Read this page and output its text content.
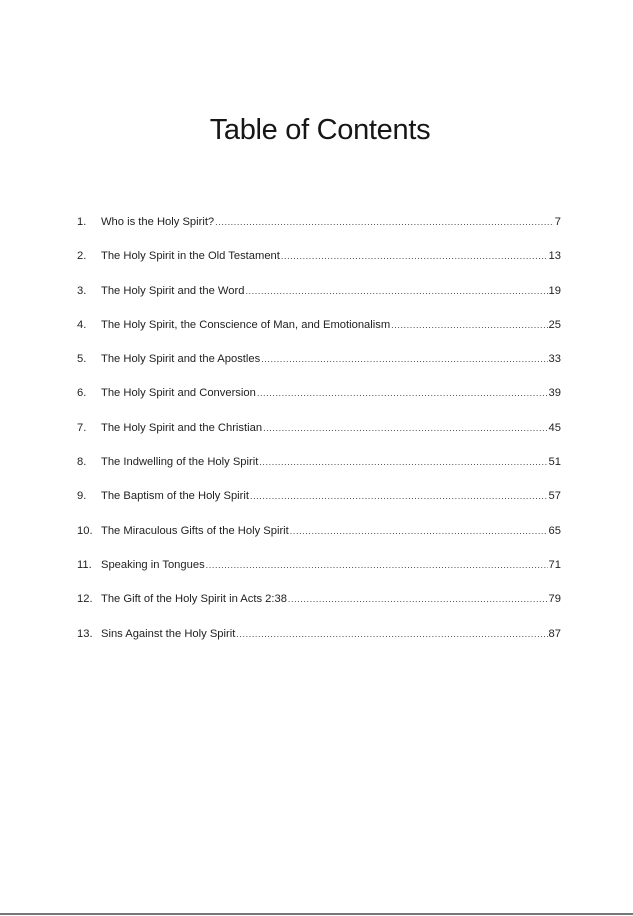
Table of Contents
1.	Who is the Holy Spirit? .....	7
2.	The Holy Spirit in the Old Testament .....	13
3.	The Holy Spirit and the Word .....	19
4.	The Holy Spirit, the Conscience of Man, and Emotionalism .....	25
5.	The Holy Spirit and the Apostles .....	33
6.	The Holy Spirit and Conversion .....	39
7.	The Holy Spirit and the Christian .....	45
8.	The Indwelling of the Holy Spirit .....	51
9.	The Baptism of the Holy Spirit .....	57
10. The Miraculous Gifts of the Holy Spirit .....	65
11. Speaking in Tongues .....	71
12. The Gift of the Holy Spirit in Acts 2:38 .....	79
13. Sins Against the Holy Spirit .....	87
